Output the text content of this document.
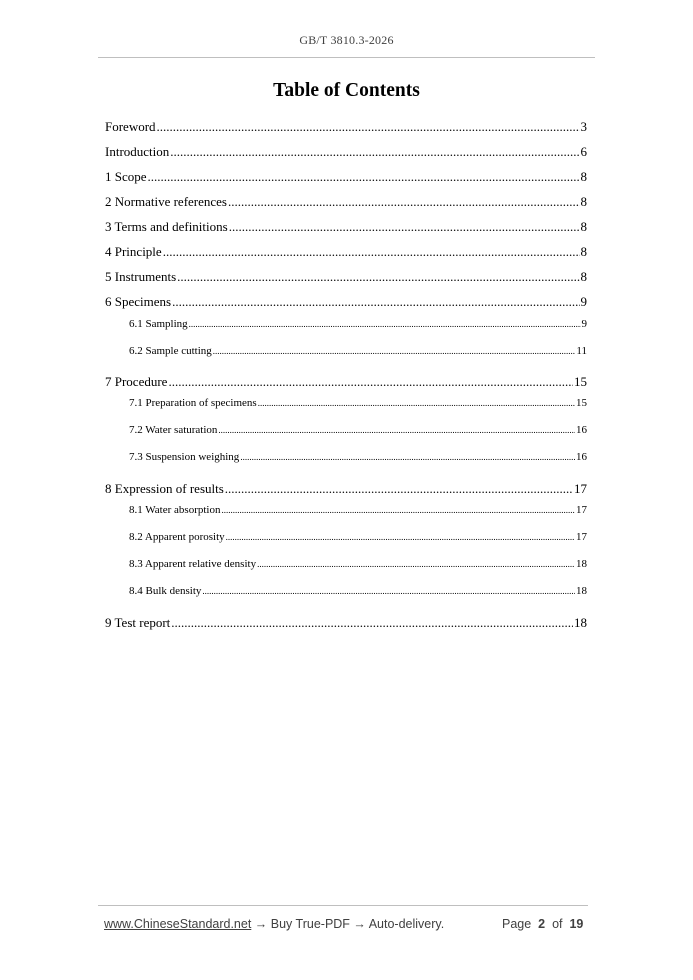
GB/T 3810.3-2026
Table of Contents
Foreword .....	3
Introduction .....	6
1 Scope .....	8
2 Normative references .....	8
3 Terms and definitions .....	8
4 Principle .....	8
5 Instruments .....	8
6 Specimens .....	9
6.1 Sampling .....	9
6.2 Sample cutting .....	11
7 Procedure .....	15
7.1 Preparation of specimens .....	15
7.2 Water saturation .....	16
7.3 Suspension weighing .....	16
8 Expression of results .....	17
8.1 Water absorption .....	17
8.2 Apparent porosity .....	17
8.3 Apparent relative density .....	18
8.4 Bulk density .....	18
9 Test report .....	18
www.ChineseStandard.net → Buy True-PDF → Auto-delivery.	Page 2 of 19
